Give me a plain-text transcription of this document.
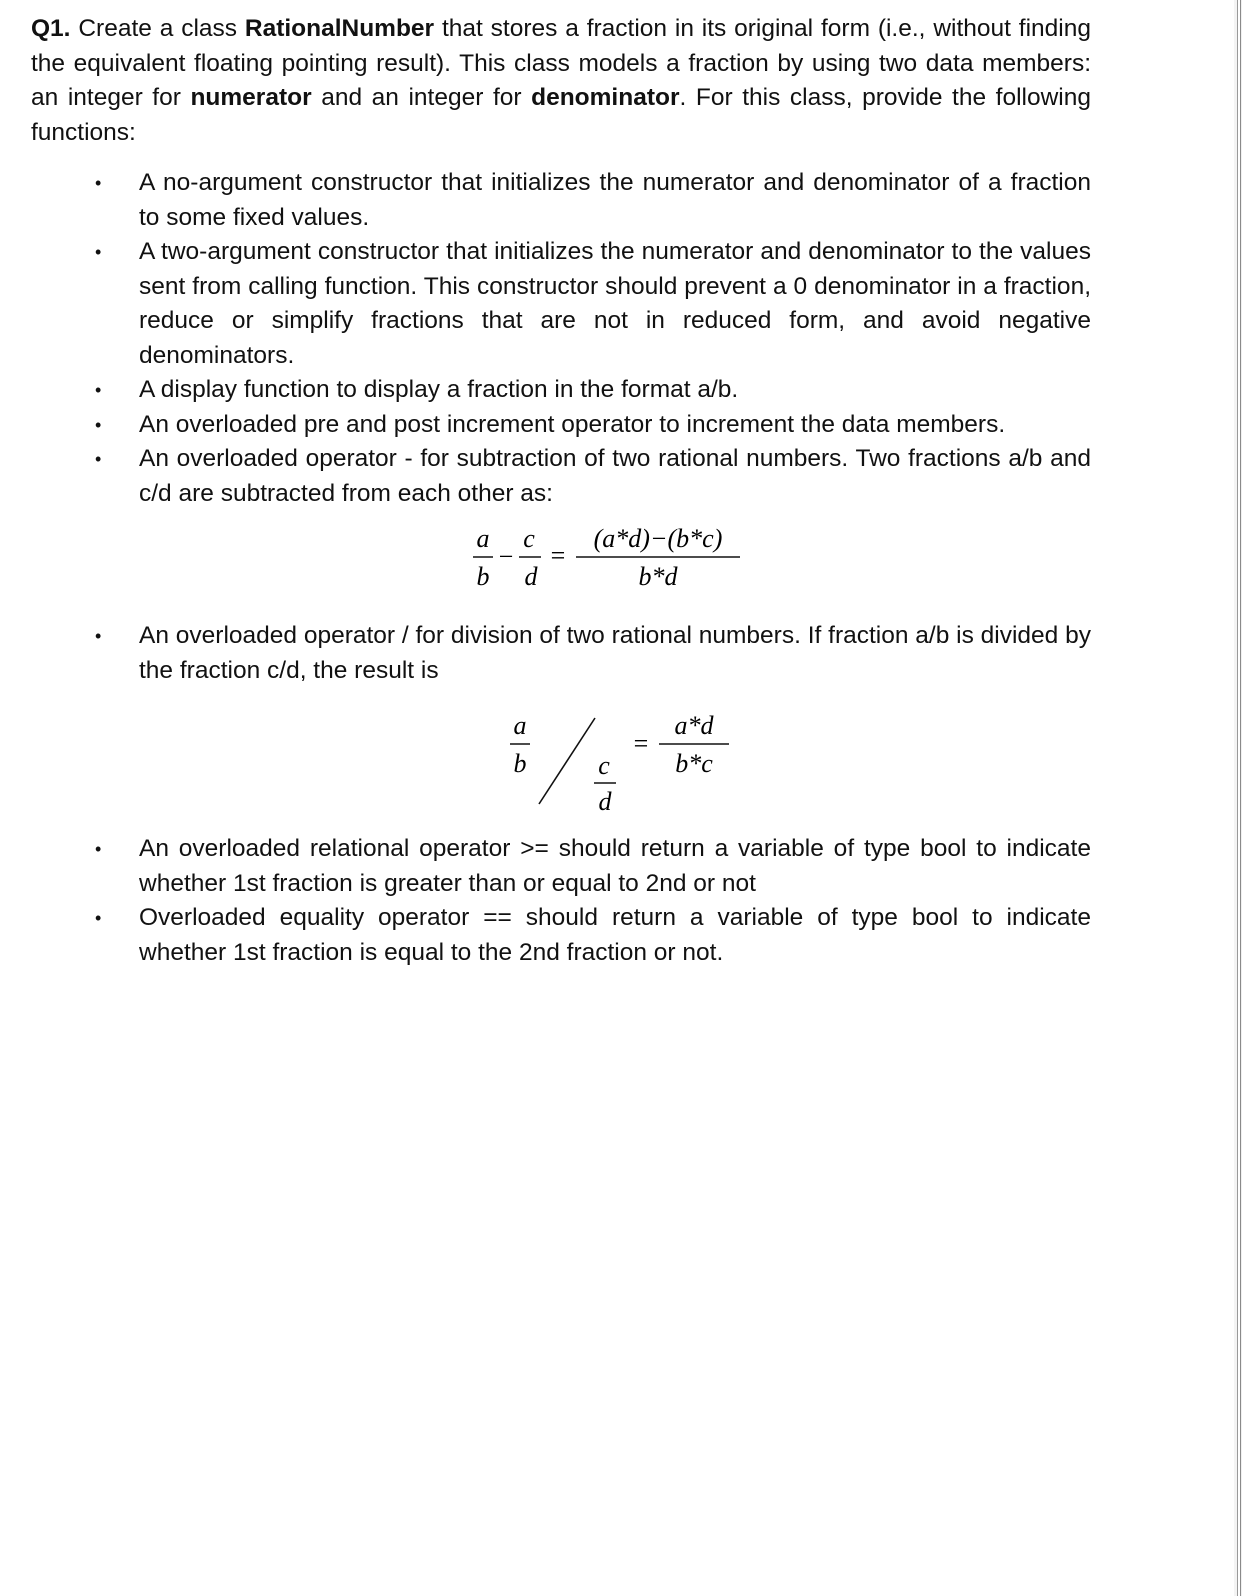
Q1. Create a class RationalNumber that stores a fraction in its original form (i.e., without finding the equivalent floating pointing result). This class models a fraction by using two data members: an integer for numerator and an integer for denominator. For this class, provide the following functions:

• A no-argument constructor that initializes the numerator and denominator of a fraction to some fixed values.
• A two-argument constructor that initializes the numerator and denominator to the values sent from calling function. This constructor should prevent a 0 denominator in a fraction, reduce or simplify fractions that are not in reduced form, and avoid negative denominators.
• A display function to display a fraction in the format a/b.
• An overloaded pre and post increment operator to increment the data members.
• An overloaded operator - for subtraction of two rational numbers. Two fractions a/b and c/d are subtracted from each other as:
a
b
−
c
d
=
(a*d)−(b*c)
b*d
• An overloaded operator / for division of two rational numbers. If fraction a/b is divided by the fraction c/d, the result is
a
b	c
d
=
a*d
b*c
• An overloaded relational operator >= should return a variable of type bool to indicate whether 1st fraction is greater than or equal to 2nd or not
• Overloaded equality operator == should return a variable of type bool to indicate whether 1st fraction is equal to the 2nd fraction or not.
